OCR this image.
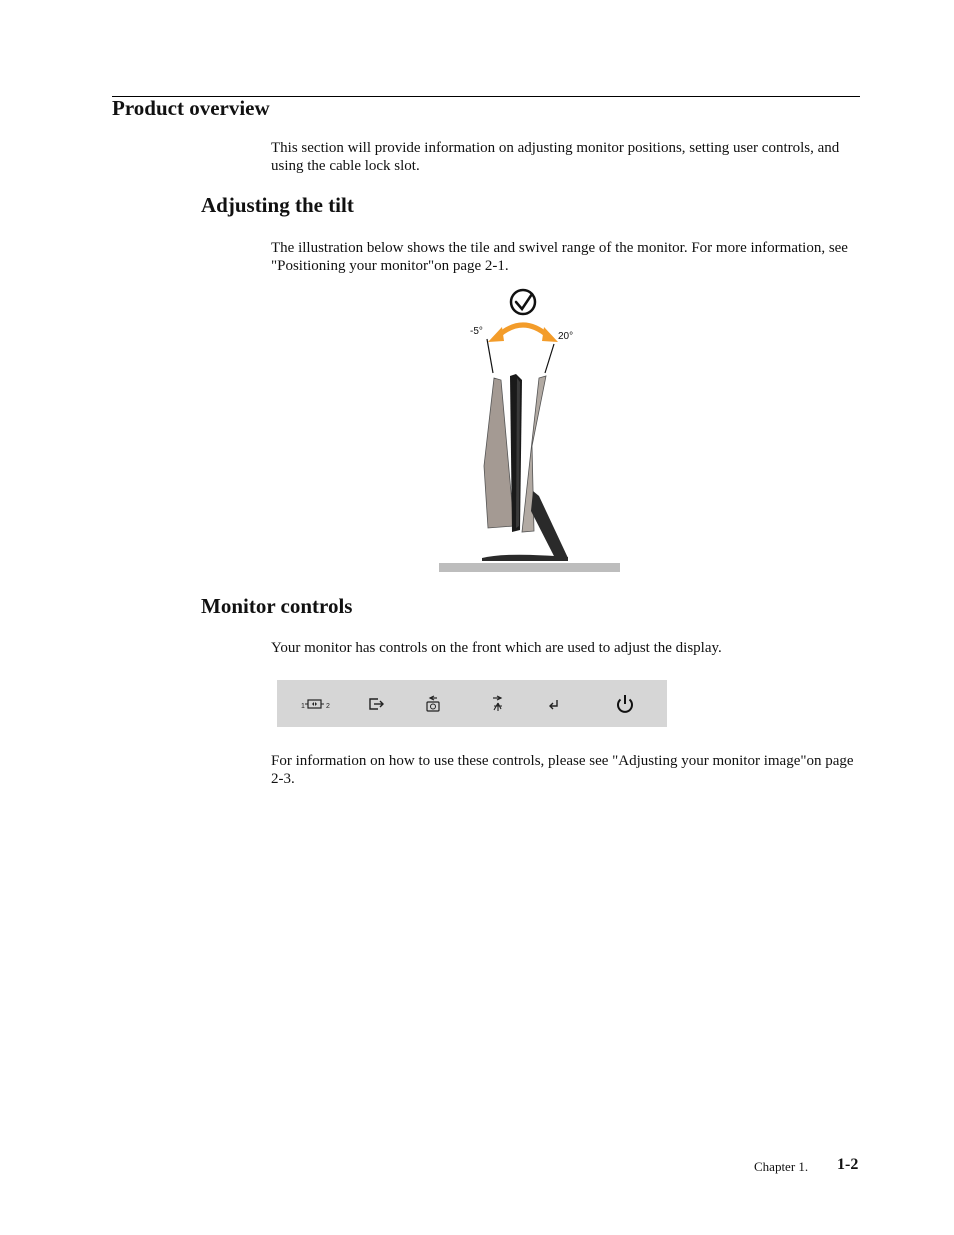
Product overview

This section will provide information on adjusting monitor positions, setting user controls, and using the cable lock slot.

Adjusting the tilt

The illustration below shows the tile and swivel range of the monitor. For more information, see "Positioning your monitor"on page 2-1.

-5°	20°
Monitor controls

Your monitor has controls on the front which are used to adjust the display.

1	2

For information on how to use these controls, please see "Adjusting your monitor image"on page 2-3.

Chapter 1. 1-2
